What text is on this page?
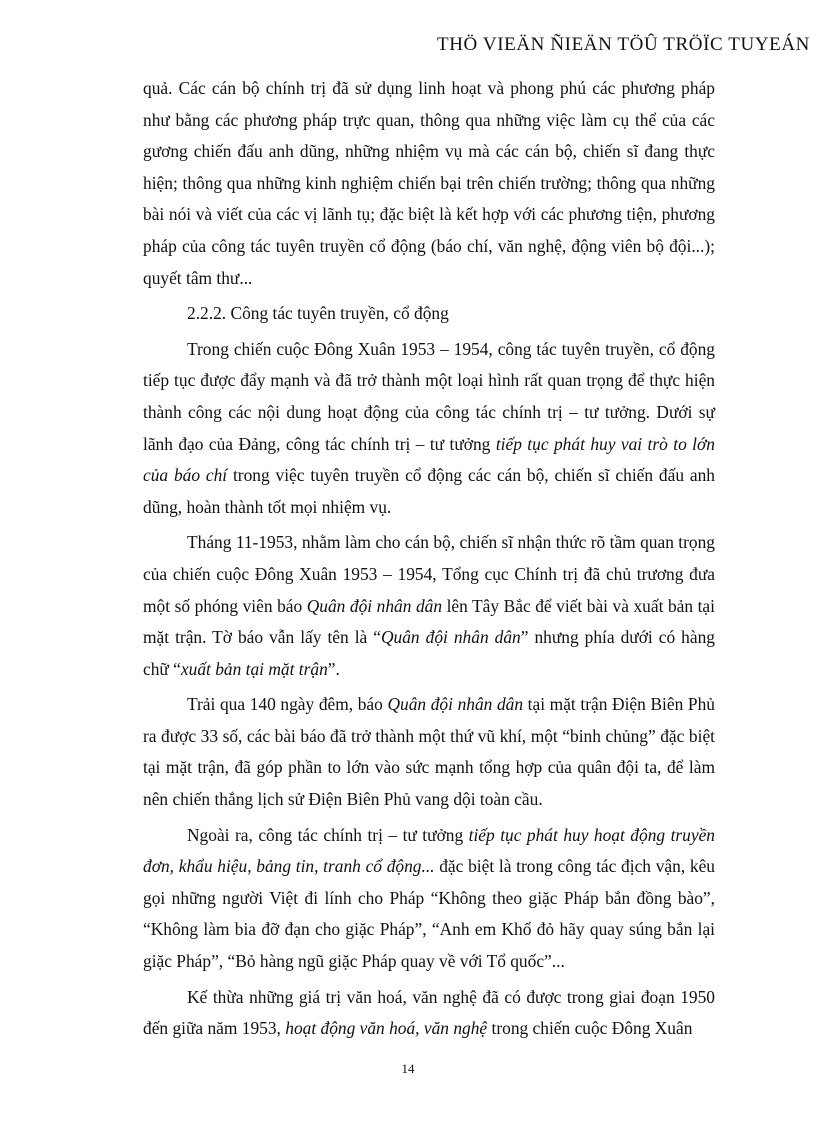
THÖ VIEÄN ÑIEÄN TÖÛ TRÖÏC TUYEÁN

quả. Các cán bộ chính trị đã sử dụng linh hoạt và phong phú các phương pháp như bằng các phương pháp trực quan, thông qua những việc làm cụ thể của các gương chiến đấu anh dũng, những nhiệm vụ mà các cán bộ, chiến sĩ đang thực hiện; thông qua những kinh nghiệm chiến bại trên chiến trường; thông qua những bài nói và viết của các vị lãnh tụ; đặc biệt là kết hợp với các phương tiện, phương pháp của công tác tuyên truyền cổ động (báo chí, văn nghệ, động viên bộ đội...); quyết tâm thư...

2.2.2. Công tác tuyên truyền, cổ động

Trong chiến cuộc Đông Xuân 1953 – 1954, công tác tuyên truyền, cổ động tiếp tục được đẩy mạnh và đã trở thành một loại hình rất quan trọng để thực hiện thành công các nội dung hoạt động của công tác chính trị – tư tưởng. Dưới sự lãnh đạo của Đảng, công tác chính trị – tư tưởng tiếp tục phát huy vai trò to lớn của báo chí trong việc tuyên truyền cổ động các cán bộ, chiến sĩ chiến đấu anh dũng, hoàn thành tốt mọi nhiệm vụ.

Tháng 11-1953, nhằm làm cho cán bộ, chiến sĩ nhận thức rõ tầm quan trọng của chiến cuộc Đông Xuân 1953 – 1954, Tổng cục Chính trị đã chủ trương đưa một số phóng viên báo Quân đội nhân dân lên Tây Bắc để viết bài và xuất bản tại mặt trận. Tờ báo vẫn lấy tên là “Quân đội nhân dân” nhưng phía dưới có hàng chữ “xuất bản tại mặt trận”.

Trải qua 140 ngày đêm, báo Quân đội nhân dân tại mặt trận Điện Biên Phủ ra được 33 số, các bài báo đã trở thành một thứ vũ khí, một “binh chủng” đặc biệt tại mặt trận, đã góp phần to lớn vào sức mạnh tổng hợp của quân đội ta, để làm nên chiến thắng lịch sử Điện Biên Phủ vang dội toàn cầu.

Ngoài ra, công tác chính trị – tư tưởng tiếp tục phát huy hoạt động truyền đơn, khẩu hiệu, bảng tin, tranh cổ động... đặc biệt là trong công tác địch vận, kêu gọi những người Việt đi lính cho Pháp “Không theo giặc Pháp bắn đồng bào”, “Không làm bia đỡ đạn cho giặc Pháp”, “Anh em Khố đỏ hãy quay súng bắn lại giặc Pháp”, “Bỏ hàng ngũ giặc Pháp quay về với Tổ quốc”...

Kế thừa những giá trị văn hoá, văn nghệ đã có được trong giai đoạn 1950 đến giữa năm 1953, hoạt động văn hoá, văn nghệ trong chiến cuộc Đông Xuân

14
